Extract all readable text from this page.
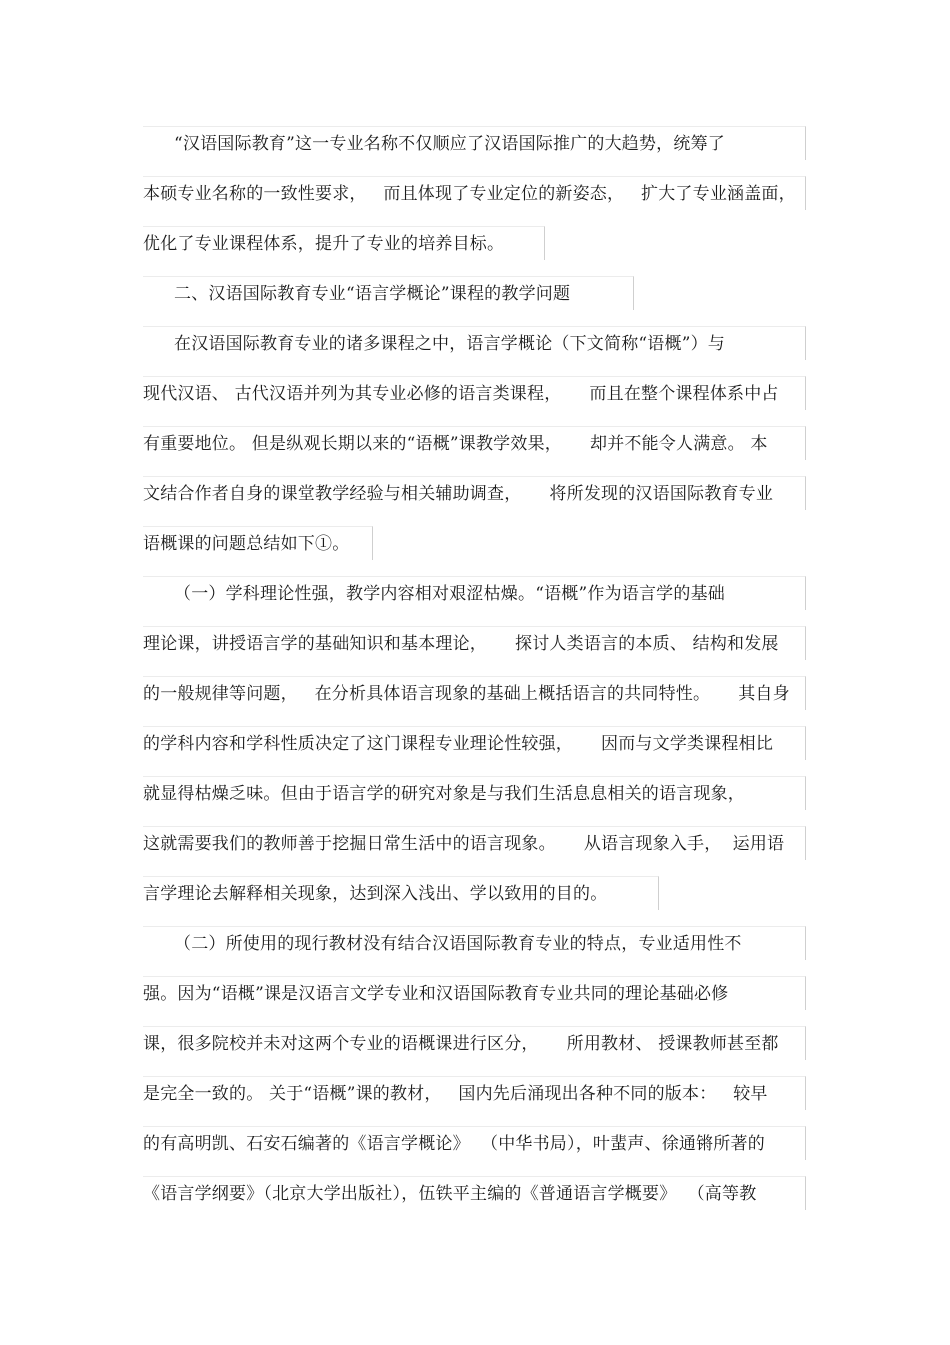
“汉语国际教育”这一专业名称不仅顺应了汉语国际推广的大趋势，统筹了
本硕专业名称的一致性要求，   而且体现了专业定位的新姿态，   扩大了专业涵盖面，
优化了专业课程体系，提升了专业的培养目标。
二、汉语国际教育专业“语言学概论”课程的教学问题
在汉语国际教育专业的诸多课程之中，语言学概论（下文简称“语概”）与
现代汉语、 古代汉语并列为其专业必修的语言类课程，     而且在整个课程体系中占
有重要地位。 但是纵观长期以来的“语概”课教学效果，     却并不能令人满意。 本
文结合作者自身的课堂教学经验与相关辅助调查，     将所发现的汉语国际教育专业
语概课的问题总结如下①。
（一）学科理论性强，教学内容相对艰涩枯燥。“语概”作为语言学的基础
理论课，讲授语言学的基础知识和基本理论，     探讨人类语言的本质、 结构和发展
的一般规律等问题，   在分析具体语言现象的基础上概括语言的共同特性。     其自身
的学科内容和学科性质决定了这门课程专业理论性较强，     因而与文学类课程相比
就显得枯燥乏味。但由于语言学的研究对象是与我们生活息息相关的语言现象，
这就需要我们的教师善于挖掘日常生活中的语言现象。     从语言现象入手，  运用语
言学理论去解释相关现象，达到深入浅出、学以致用的目的。
（二）所使用的现行教材没有结合汉语国际教育专业的特点，专业适用性不
强。因为“语概”课是汉语言文学专业和汉语国际教育专业共同的理论基础必修
课，很多院校并未对这两个专业的语概课进行区分，     所用教材、 授课教师甚至都
是完全一致的。 关于“语概”课的教材，   国内先后涌现出各种不同的版本：   较早
的有高明凯、石安石编著的《语言学概论》  （中华书局），叶蜚声、徐通锵所著的
《语言学纲要》（北京大学出版社），伍铁平主编的《普通语言学概要》  （高等教
